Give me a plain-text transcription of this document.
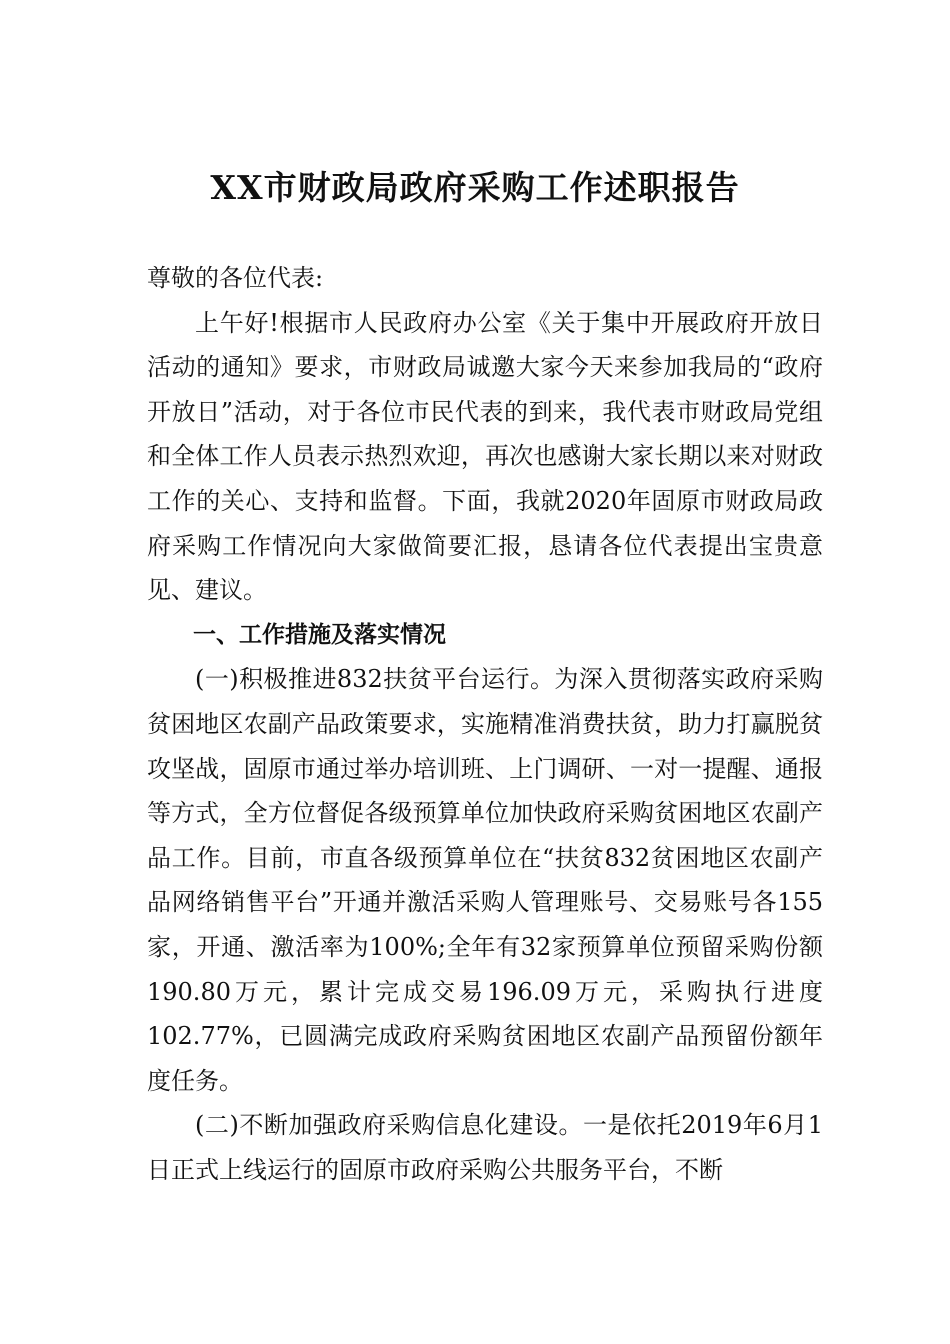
XX市财政局政府采购工作述职报告

尊敬的各位代表:

上午好!根据市人民政府办公室《关于集中开展政府开放日活动的通知》要求，市财政局诚邀大家今天来参加我局的“政府开放日”活动，对于各位市民代表的到来，我代表市财政局党组和全体工作人员表示热烈欢迎，再次也感谢大家长期以来对财政工作的关心、支持和监督。下面，我就2020年固原市财政局政府采购工作情况向大家做简要汇报，恳请各位代表提出宝贵意见、建议。

一、工作措施及落实情况

(一)积极推进832扶贫平台运行。为深入贯彻落实政府采购贫困地区农副产品政策要求，实施精准消费扶贫，助力打赢脱贫攻坚战，固原市通过举办培训班、上门调研、一对一提醒、通报等方式，全方位督促各级预算单位加快政府采购贫困地区农副产品工作。目前，市直各级预算单位在“扶贫832贫困地区农副产品网络销售平台”开通并激活采购人管理账号、交易账号各155家，开通、激活率为100%;全年有32家预算单位预留采购份额190.80万元，累计完成交易196.09万元，采购执行进度102.77%，已圆满完成政府采购贫困地区农副产品预留份额年度任务。

(二)不断加强政府采购信息化建设。一是依托2019年6月1日正式上线运行的固原市政府采购公共服务平台，不断
